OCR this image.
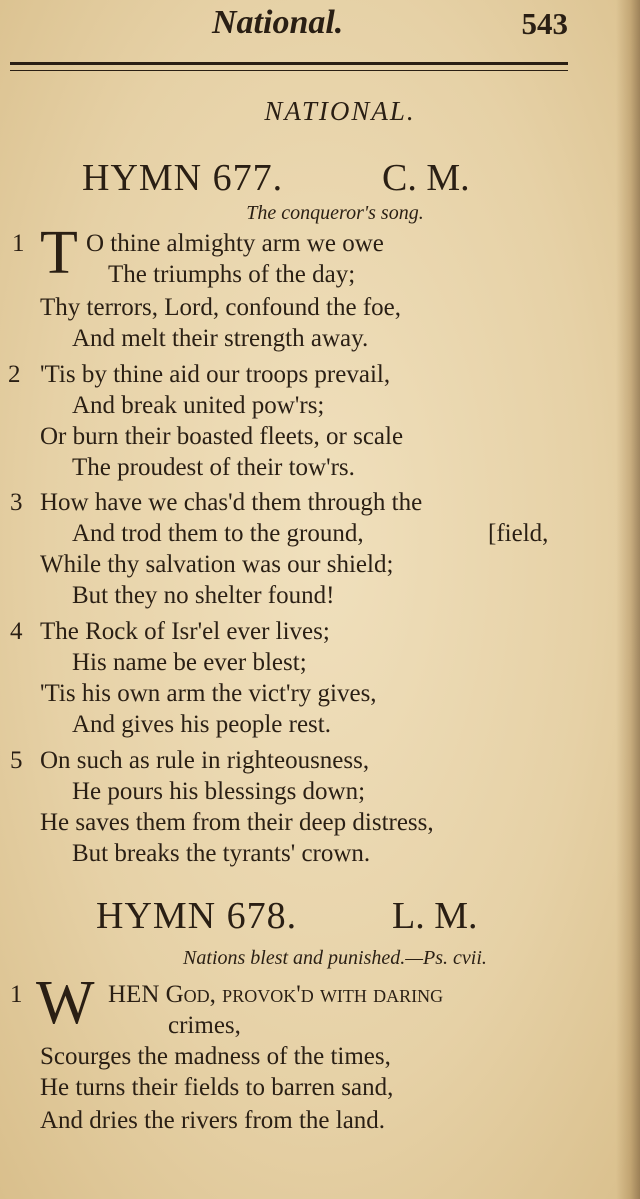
National.	543
NATIONAL.
HYMN 677.	C. M.
The conqueror's song.
1 T O thine almighty arm we owe
The triumphs of the day;
Thy terrors, Lord, confound the foe,
And melt their strength away.
2 'Tis by thine aid our troops prevail,
And break united pow'rs;
Or burn their boasted fleets, or scale
The proudest of their tow'rs.
3 How have we chas'd them through the
And trod them to the ground,	[field,
While thy salvation was our shield;
But they no shelter found!
4 The Rock of Isr'el ever lives;
His name be ever blest;
'Tis his own arm the vict'ry gives,
And gives his people rest.
5 On such as rule in righteousness,
He pours his blessings down;
He saves them from their deep distress,
But breaks the tyrants' crown.
HYMN 678. L. M.
Nations blest and punished.—Ps. cvii.
1 W HEN God, provok'd with daring
crimes,
Scourges the madness of the times,
He turns their fields to barren sand,
And dries the rivers from the land.
